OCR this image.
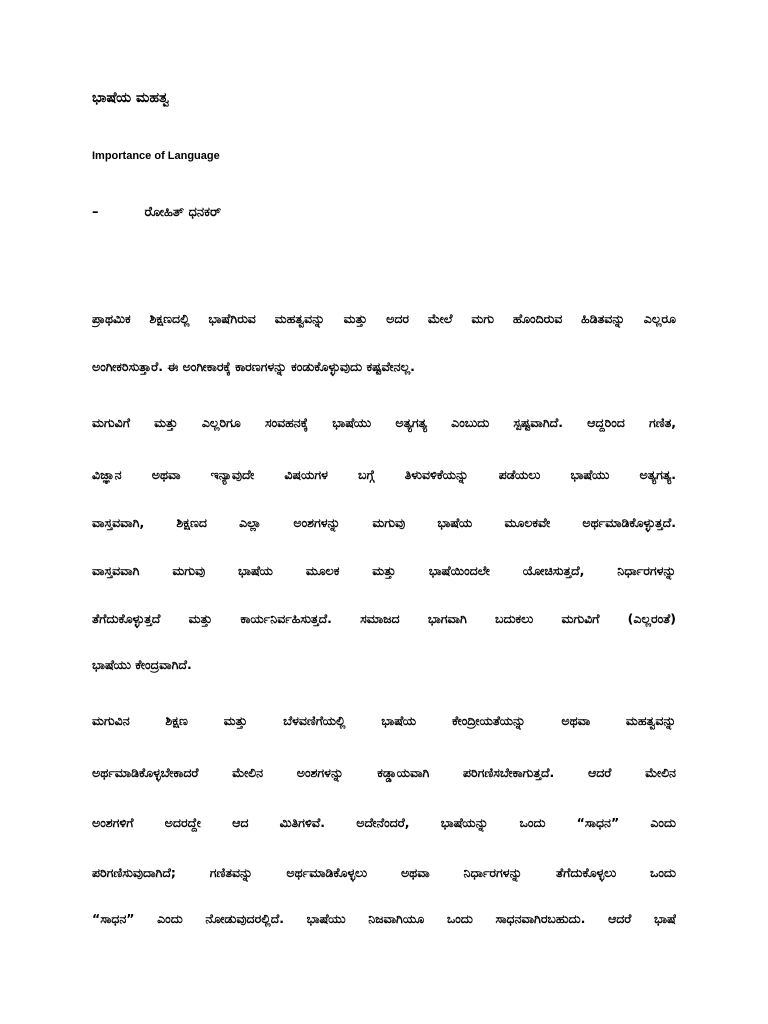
ಭಾಷೆಯ ಮಹತ್ವ
Importance of Language
–	ರೋಹಿತ್ ಧನಕರ್
ಪ್ರಾಥಮಿಕ ಶಿಕ್ಷಣದಲ್ಲಿ ಭಾಷೆಗಿರುವ ಮಹತ್ವವನ್ನು ಮತ್ತು ಅದರ ಮೇಲೆ ಮಗು ಹೊಂದಿರುವ ಹಿಡಿತವನ್ನು ಎಲ್ಲರೂ
ಅಂಗೀಕರಿಸುತ್ತಾರೆ. ಈ ಅಂಗೀಕಾರಕ್ಕೆ ಕಾರಣಗಳನ್ನು ಕಂಡುಕೊಳ್ಳುವುದು ಕಷ್ಟವೇನಲ್ಲ.
ಮಗುವಿಗೆ ಮತ್ತು ಎಲ್ಲರಿಗೂ ಸಂವಹನಕ್ಕೆ ಭಾಷೆಯು ಅತ್ಯಗತ್ಯ ಎಂಬುದು ಸ್ಪಷ್ಟವಾಗಿದೆ. ಆದ್ದರಿಂದ ಗಣಿತ,
ವಿಜ್ಞಾನ ಅಥವಾ ಇನ್ಯಾವುದೇ ವಿಷಯಗಳ ಬಗ್ಗೆ ತಿಳುವಳಿಕೆಯನ್ನು ಪಡೆಯಲು ಭಾಷೆಯು ಅತ್ಯಗತ್ಯ.
ವಾಸ್ತವವಾಗಿ, ಶಿಕ್ಷಣದ ಎಲ್ಲಾ ಅಂಶಗಳನ್ನು ಮಗುವು ಭಾಷೆಯ ಮೂಲಕವೇ ಅರ್ಥಮಾಡಿಕೊಳ್ಳುತ್ತದೆ.
ವಾಸ್ತವವಾಗಿ ಮಗುವು ಭಾಷೆಯ ಮೂಲಕ ಮತ್ತು ಭಾಷೆಯಿಂದಲೇ ಯೋಚಿಸುತ್ತದೆ, ನಿರ್ಧಾರಗಳನ್ನು
ತೆಗೆದುಕೊಳ್ಳುತ್ತದೆ ಮತ್ತು ಕಾರ್ಯನಿರ್ವಹಿಸುತ್ತದೆ. ಸಮಾಜದ ಭಾಗವಾಗಿ ಬದುಕಲು ಮಗುವಿಗೆ (ಎಲ್ಲರಂತೆ)
ಭಾಷೆಯು ಕೇಂದ್ರವಾಗಿದೆ.
ಮಗುವಿನ ಶಿಕ್ಷಣ ಮತ್ತು ಬೆಳವಣಿಗೆಯಲ್ಲಿ ಭಾಷೆಯ ಕೇಂದ್ರೀಯತೆಯನ್ನು ಅಥವಾ ಮಹತ್ವವನ್ನು
ಅರ್ಥಮಾಡಿಕೊಳ್ಳಬೇಕಾದರೆ ಮೇಲಿನ ಅಂಶಗಳನ್ನು ಕಡ್ಡಾಯವಾಗಿ ಪರಿಗಣಿಸಬೇಕಾಗುತ್ತದೆ. ಆದರೆ ಮೇಲಿನ
ಅಂಶಗಳಿಗೆ ಅದರದ್ದೇ ಆದ ಮಿತಿಗಳಿವೆ. ಅದೇನೆಂದರೆ, ಭಾಷೆಯನ್ನು ಒಂದು “ಸಾಧನ” ಎಂದು
ಪರಿಗಣಿಸುವುದಾಗಿದೆ; ಗಣಿತವನ್ನು ಅರ್ಥಮಾಡಿಕೊಳ್ಳಲು ಅಥವಾ ನಿರ್ಧಾರಗಳನ್ನು ತೆಗೆದುಕೊಳ್ಳಲು ಒಂದು
“ಸಾಧನ” ಎಂದು ನೋಡುವುದರಲ್ಲಿದೆ. ಭಾಷೆಯು ನಿಜವಾಗಿಯೂ ಒಂದು ಸಾಧನವಾಗಿರಬಹುದು. ಆದರೆ ಭಾಷೆ
